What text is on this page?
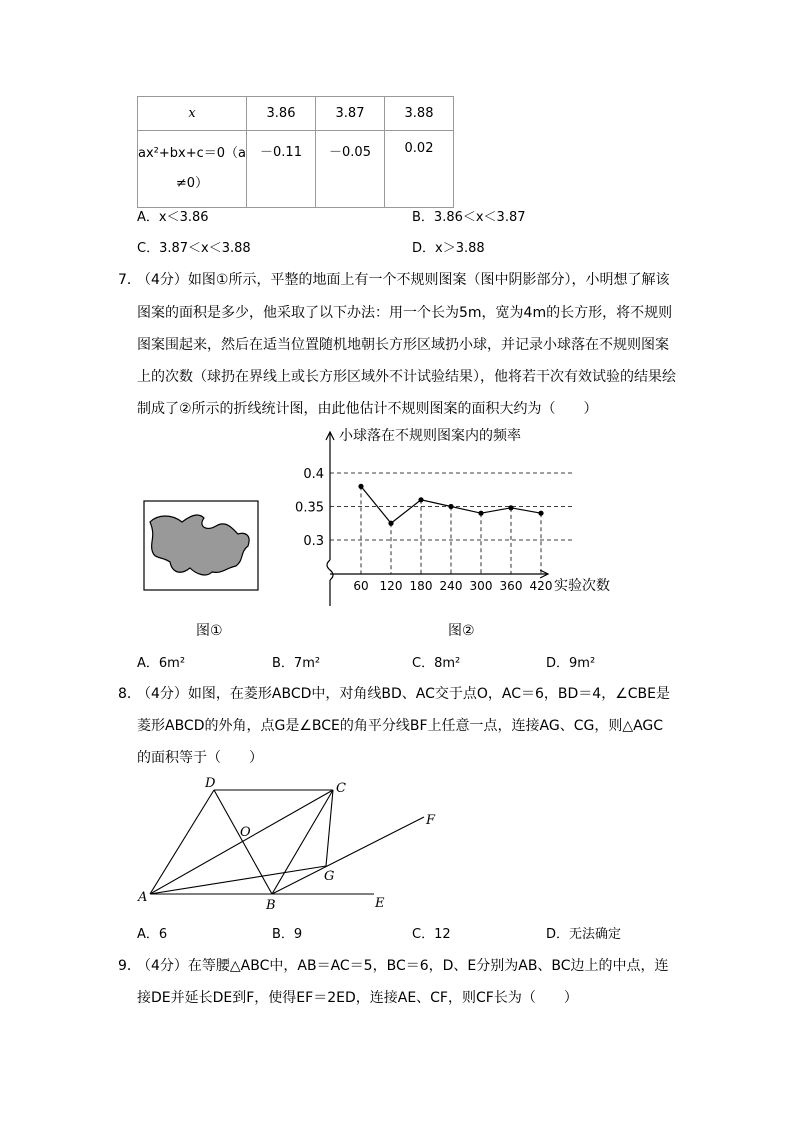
x	3.86	3.87	3.88

ax²+bx+c＝0（a
≠0）	－0.11	－0.05	0.02
A．x＜3.86	B．3.86＜x＜3.87
C．3.87＜x＜3.88	D．x＞3.88
7．
（4分）如图①所示，平整的地面上有一个不规则图案（图中阴影部分），小明想了解该
图案的面积是多少，他采取了以下办法：用一个长为5m，宽为4m的长方形，将不规则
图案围起来，然后在适当位置随机地朝长方形区域扔小球，并记录小球落在不规则图案
上的次数（球扔在界线上或长方形区域外不计试验结果），他将若干次有效试验的结果绘
制成了②所示的折线统计图，由此他估计不规则图案的面积大约为（　　）
图①
小球落在不规则图案内的频率
0.4
0.35
0.3
60 120 180 240 300 360 420 实验次数
图②
A．6m²	B．7m²	C．8m²	D．9m²
8．
（4分）如图，在菱形ABCD中，对角线BD、AC交于点O，AC＝6，BD＝4，∠CBE是
菱形ABCD的外角，点G是∠BCE的角平分线BF上任意一点，连接AG、CG，则△AGC
的面积等于（　　）
A
B
C
D
O
G
E
F
A．6	B．9	C．12	D．无法确定
9．
（4分）在等腰△ABC中，AB＝AC＝5，BC＝6，D、E分别为AB、BC边上的中点，连
接DE并延长DE到F，使得EF＝2ED，连接AE、CF，则CF长为（　　）
